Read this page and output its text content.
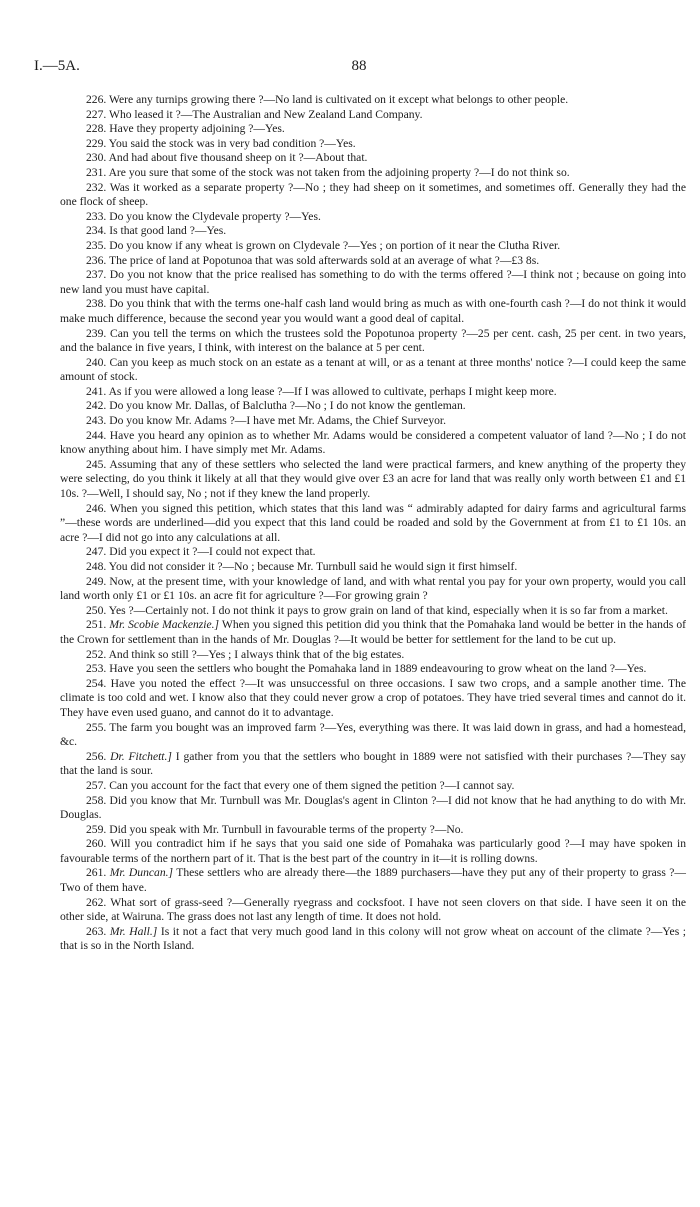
I.—5A.	88

226. Were any turnips growing there ?—No land is cultivated on it except what belongs to other people.

227. Who leased it ?—The Australian and New Zealand Land Company.

228. Have they property adjoining ?—Yes.

229. You said the stock was in very bad condition ?—Yes.

230. And had about five thousand sheep on it ?—About that.

231. Are you sure that some of the stock was not taken from the adjoining property ?—I do not think so.

232. Was it worked as a separate property ?—No ; they had sheep on it sometimes, and sometimes off. Generally they had the one flock of sheep.

233. Do you know the Clydevale property ?—Yes.

234. Is that good land ?—Yes.

235. Do you know if any wheat is grown on Clydevale ?—Yes ; on portion of it near the Clutha River.

236. The price of land at Popotunoa that was sold afterwards sold at an average of what ?—£3 8s.

237. Do you not know that the price realised has something to do with the terms offered ?—I think not ; because on going into new land you must have capital.

238. Do you think that with the terms one-half cash land would bring as much as with one-fourth cash ?—I do not think it would make much difference, because the second year you would want a good deal of capital.

239. Can you tell the terms on which the trustees sold the Popotunoa property ?—25 per cent. cash, 25 per cent. in two years, and the balance in five years, I think, with interest on the balance at 5 per cent.

240. Can you keep as much stock on an estate as a tenant at will, or as a tenant at three months' notice ?—I could keep the same amount of stock.

241. As if you were allowed a long lease ?—If I was allowed to cultivate, perhaps I might keep more.

242. Do you know Mr. Dallas, of Balclutha ?—No ; I do not know the gentleman.

243. Do you know Mr. Adams ?—I have met Mr. Adams, the Chief Surveyor.

244. Have you heard any opinion as to whether Mr. Adams would be considered a competent valuator of land ?—No ; I do not know anything about him. I have simply met Mr. Adams.

245. Assuming that any of these settlers who selected the land were practical farmers, and knew anything of the property they were selecting, do you think it likely at all that they would give over £3 an acre for land that was really only worth between £1 and £1 10s. ?—Well, I should say, No ; not if they knew the land properly.

246. When you signed this petition, which states that this land was “ admirably adapted for dairy farms and agricultural farms ”—these words are underlined—did you expect that this land could be roaded and sold by the Government at from £1 to £1 10s. an acre ?—I did not go into any calculations at all.

247. Did you expect it ?—I could not expect that.

248. You did not consider it ?—No ; because Mr. Turnbull said he would sign it first himself.

249. Now, at the present time, with your knowledge of land, and with what rental you pay for your own property, would you call land worth only £1 or £1 10s. an acre fit for agriculture ?—For growing grain ?

250. Yes ?—Certainly not. I do not think it pays to grow grain on land of that kind, especially when it is so far from a market.

251. Mr. Scobie Mackenzie.] When you signed this petition did you think that the Pomahaka land would be better in the hands of the Crown for settlement than in the hands of Mr. Douglas ?—It would be better for settlement for the land to be cut up.

252. And think so still ?—Yes ; I always think that of the big estates.

253. Have you seen the settlers who bought the Pomahaka land in 1889 endeavouring to grow wheat on the land ?—Yes.

254. Have you noted the effect ?—It was unsuccessful on three occasions. I saw two crops, and a sample another time. The climate is too cold and wet. I know also that they could never grow a crop of potatoes. They have tried several times and cannot do it. They have even used guano, and cannot do it to advantage.

255. The farm you bought was an improved farm ?—Yes, everything was there. It was laid down in grass, and had a homestead, &c.

256. Dr. Fitchett.] I gather from you that the settlers who bought in 1889 were not satisfied with their purchases ?—They say that the land is sour.

257. Can you account for the fact that every one of them signed the petition ?—I cannot say.

258. Did you know that Mr. Turnbull was Mr. Douglas's agent in Clinton ?—I did not know that he had anything to do with Mr. Douglas.

259. Did you speak with Mr. Turnbull in favourable terms of the property ?—No.

260. Will you contradict him if he says that you said one side of Pomahaka was particularly good ?—I may have spoken in favourable terms of the northern part of it. That is the best part of the country in it—it is rolling downs.

261. Mr. Duncan.] These settlers who are already there—the 1889 purchasers—have they put any of their property to grass ?—Two of them have.

262. What sort of grass-seed ?—Generally ryegrass and cocksfoot. I have not seen clovers on that side. I have seen it on the other side, at Wairuna. The grass does not last any length of time. It does not hold.

263. Mr. Hall.] Is it not a fact that very much good land in this colony will not grow wheat on account of the climate ?—Yes ; that is so in the North Island.
